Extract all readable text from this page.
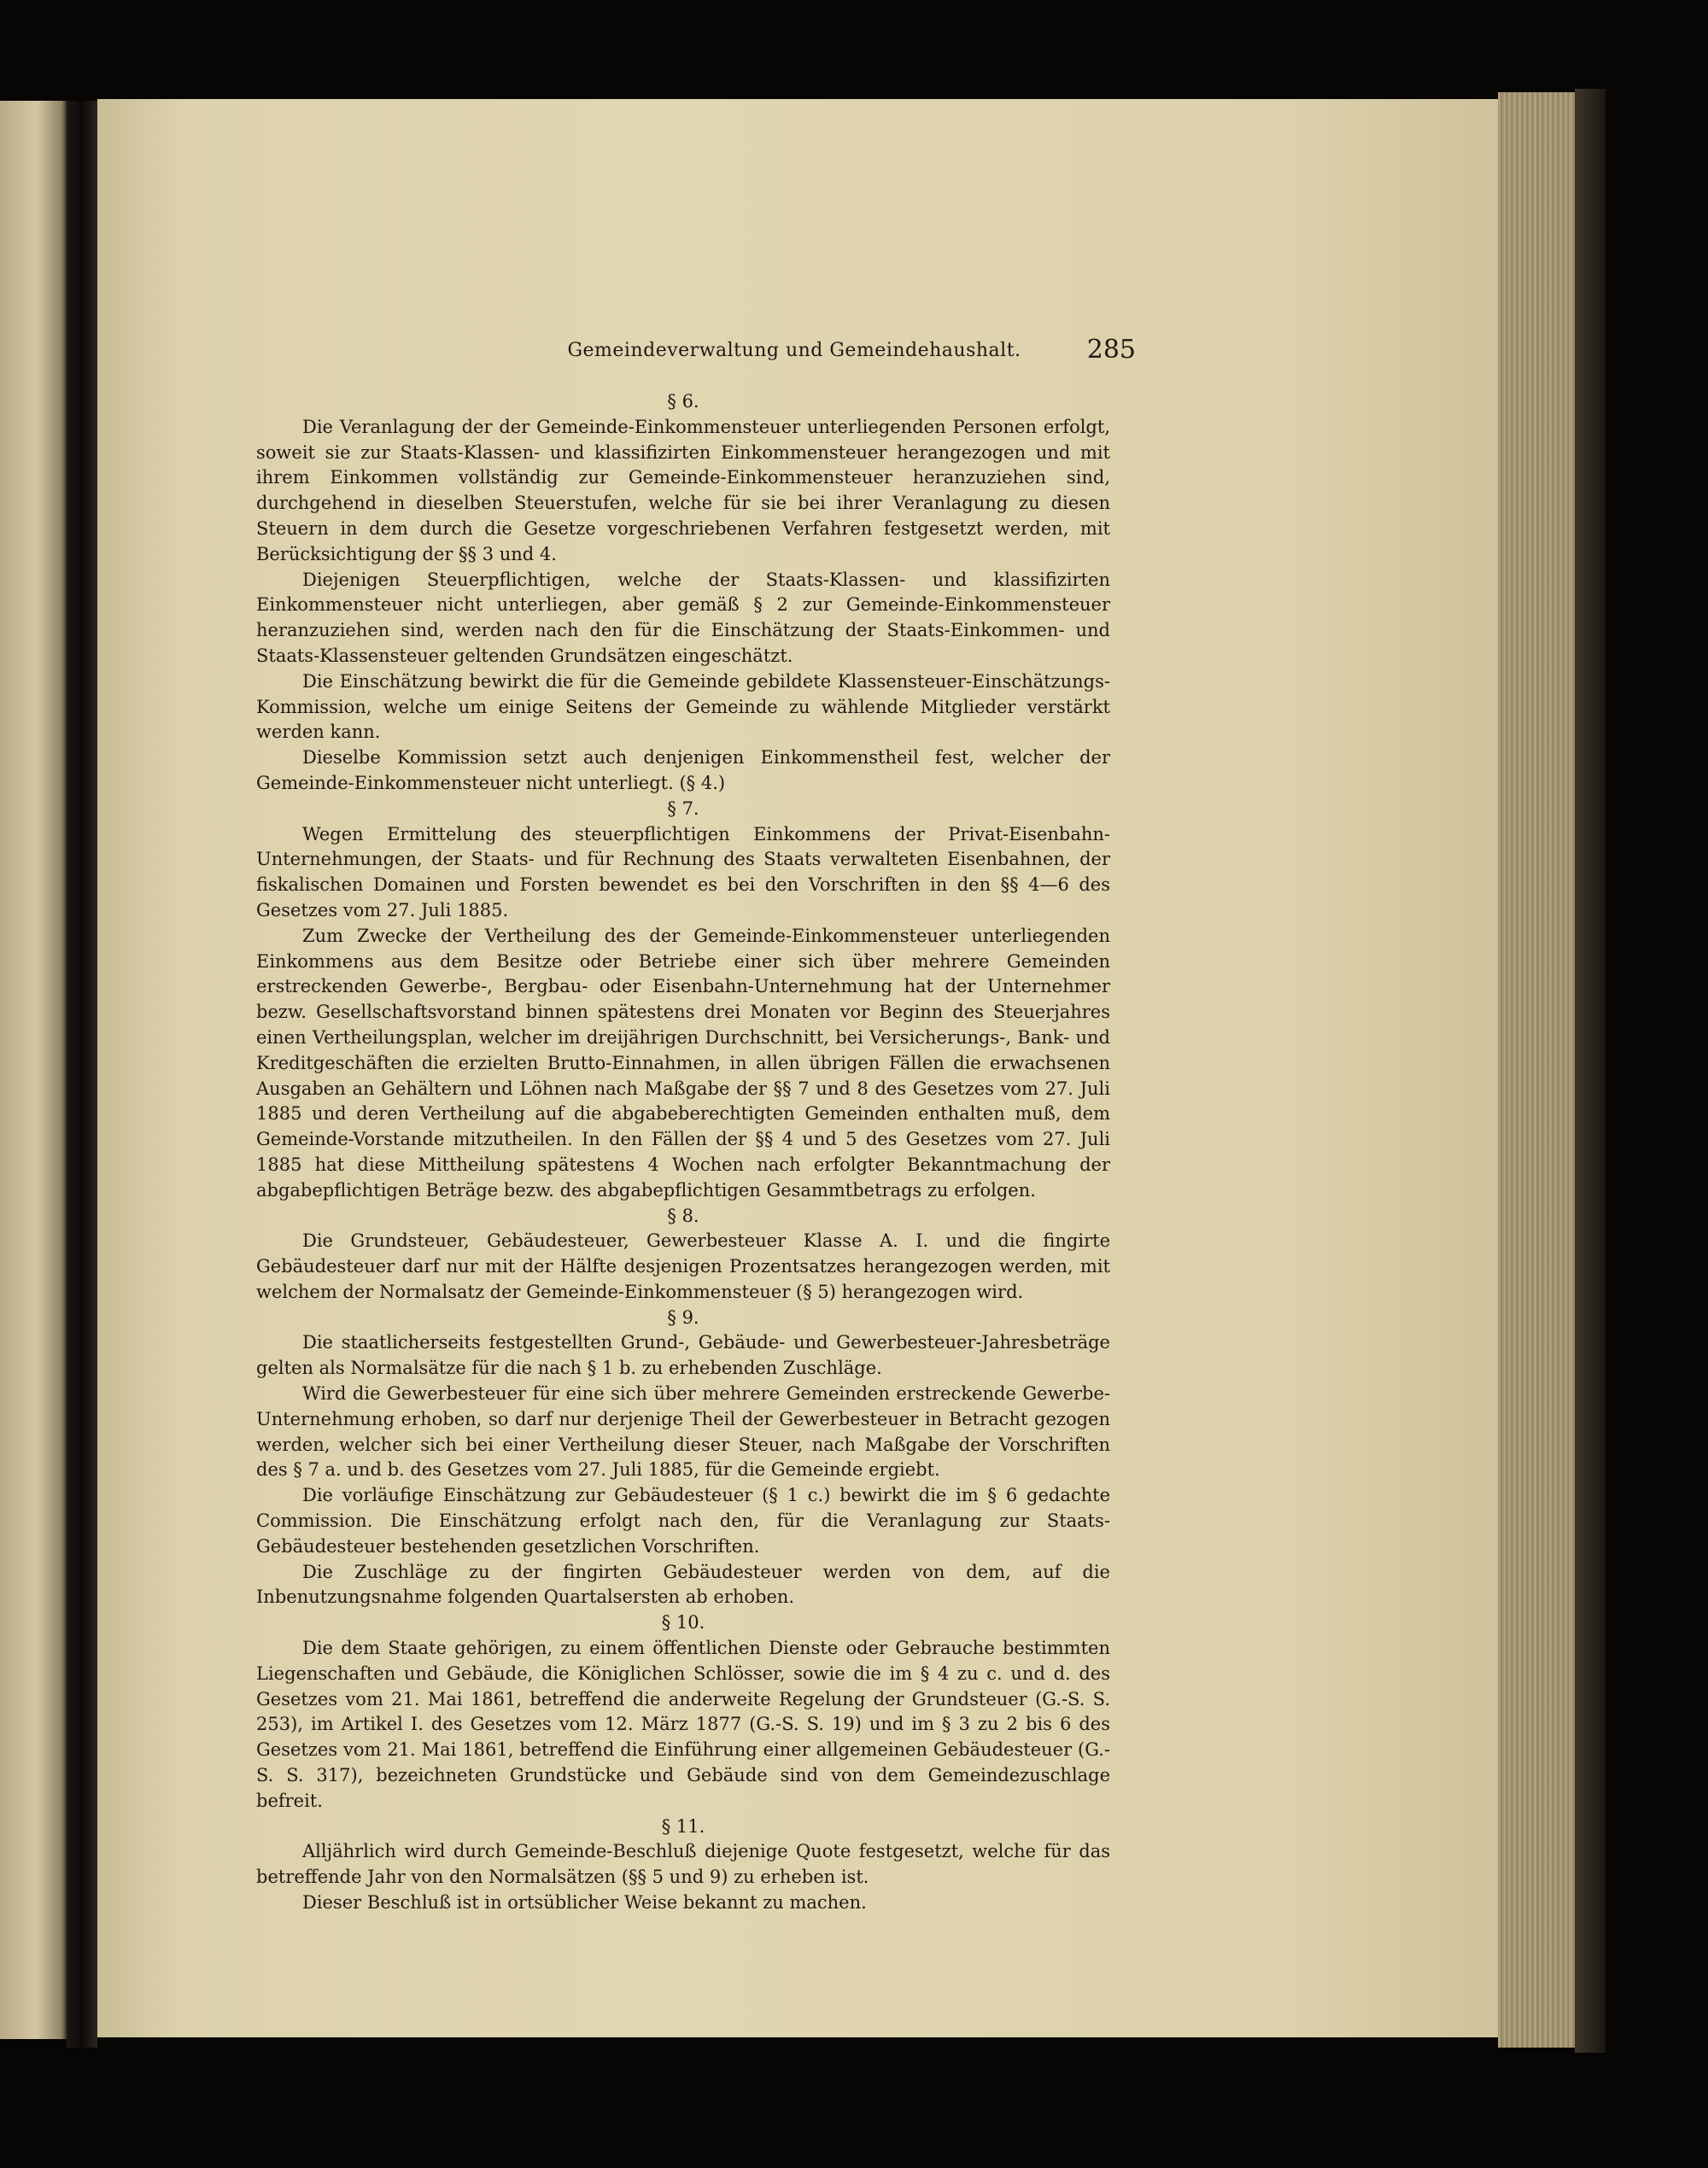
Gemeindeverwaltung und Gemeindehaushalt.	285

§ 6.

Die Veranlagung der der Gemeinde-Einkommensteuer unterliegenden Personen erfolgt, soweit sie zur Staats-Klassen- und klassifizirten Einkommensteuer herangezogen und mit ihrem Einkommen vollständig zur Gemeinde-Einkommensteuer heranzuziehen sind, durchgehend in dieselben Steuerstufen, welche für sie bei ihrer Veranlagung zu diesen Steuern in dem durch die Gesetze vorgeschriebenen Verfahren festgesetzt werden, mit Berücksichtigung der §§ 3 und 4.

Diejenigen Steuerpflichtigen, welche der Staats-Klassen- und klassifizirten Einkommensteuer nicht unterliegen, aber gemäß § 2 zur Gemeinde-Einkommensteuer heranzuziehen sind, werden nach den für die Einschätzung der Staats-Einkommen- und Staats-Klassensteuer geltenden Grundsätzen eingeschätzt.

Die Einschätzung bewirkt die für die Gemeinde gebildete Klassensteuer-Einschätzungs-Kommission, welche um einige Seitens der Gemeinde zu wählende Mitglieder verstärkt werden kann.

Dieselbe Kommission setzt auch denjenigen Einkommenstheil fest, welcher der Gemeinde-Einkommensteuer nicht unterliegt. (§ 4.)

§ 7.

Wegen Ermittelung des steuerpflichtigen Einkommens der Privat-Eisenbahn-Unternehmungen, der Staats- und für Rechnung des Staats verwalteten Eisenbahnen, der fiskalischen Domainen und Forsten bewendet es bei den Vorschriften in den §§ 4—6 des Gesetzes vom 27. Juli 1885.

Zum Zwecke der Vertheilung des der Gemeinde-Einkommensteuer unterliegenden Einkommens aus dem Besitze oder Betriebe einer sich über mehrere Gemeinden erstreckenden Gewerbe-, Bergbau- oder Eisenbahn-Unternehmung hat der Unternehmer bezw. Gesellschaftsvorstand binnen spätestens drei Monaten vor Beginn des Steuerjahres einen Vertheilungsplan, welcher im dreijährigen Durchschnitt, bei Versicherungs-, Bank- und Kreditgeschäften die erzielten Brutto-Einnahmen, in allen übrigen Fällen die erwachsenen Ausgaben an Gehältern und Löhnen nach Maßgabe der §§ 7 und 8 des Gesetzes vom 27. Juli 1885 und deren Vertheilung auf die abgabeberechtigten Gemeinden enthalten muß, dem Gemeinde-Vorstande mitzutheilen. In den Fällen der §§ 4 und 5 des Gesetzes vom 27. Juli 1885 hat diese Mittheilung spätestens 4 Wochen nach erfolgter Bekanntmachung der abgabepflichtigen Beträge bezw. des abgabepflichtigen Gesammtbetrags zu erfolgen.

§ 8.

Die Grundsteuer, Gebäudesteuer, Gewerbesteuer Klasse A. I. und die fingirte Gebäudesteuer darf nur mit der Hälfte desjenigen Prozentsatzes herangezogen werden, mit welchem der Normalsatz der Gemeinde-Einkommensteuer (§ 5) herangezogen wird.

§ 9.

Die staatlicherseits festgestellten Grund-, Gebäude- und Gewerbesteuer-Jahresbeträge gelten als Normalsätze für die nach § 1 b. zu erhebenden Zuschläge.

Wird die Gewerbesteuer für eine sich über mehrere Gemeinden erstreckende Gewerbe-Unternehmung erhoben, so darf nur derjenige Theil der Gewerbesteuer in Betracht gezogen werden, welcher sich bei einer Vertheilung dieser Steuer, nach Maßgabe der Vorschriften des § 7 a. und b. des Gesetzes vom 27. Juli 1885, für die Gemeinde ergiebt.

Die vorläufige Einschätzung zur Gebäudesteuer (§ 1 c.) bewirkt die im § 6 gedachte Commission. Die Einschätzung erfolgt nach den, für die Veranlagung zur Staats-Gebäudesteuer bestehenden gesetzlichen Vorschriften.

Die Zuschläge zu der fingirten Gebäudesteuer werden von dem, auf die Inbenutzungsnahme folgenden Quartalsersten ab erhoben.

§ 10.

Die dem Staate gehörigen, zu einem öffentlichen Dienste oder Gebrauche bestimmten Liegenschaften und Gebäude, die Königlichen Schlösser, sowie die im § 4 zu c. und d. des Gesetzes vom 21. Mai 1861, betreffend die anderweite Regelung der Grundsteuer (G.-S. S. 253), im Artikel I. des Gesetzes vom 12. März 1877 (G.-S. S. 19) und im § 3 zu 2 bis 6 des Gesetzes vom 21. Mai 1861, betreffend die Einführung einer allgemeinen Gebäudesteuer (G.-S. S. 317), bezeichneten Grundstücke und Gebäude sind von dem Gemeindezuschlage befreit.

§ 11.

Alljährlich wird durch Gemeinde-Beschluß diejenige Quote festgesetzt, welche für das betreffende Jahr von den Normalsätzen (§§ 5 und 9) zu erheben ist.

Dieser Beschluß ist in ortsüblicher Weise bekannt zu machen.
